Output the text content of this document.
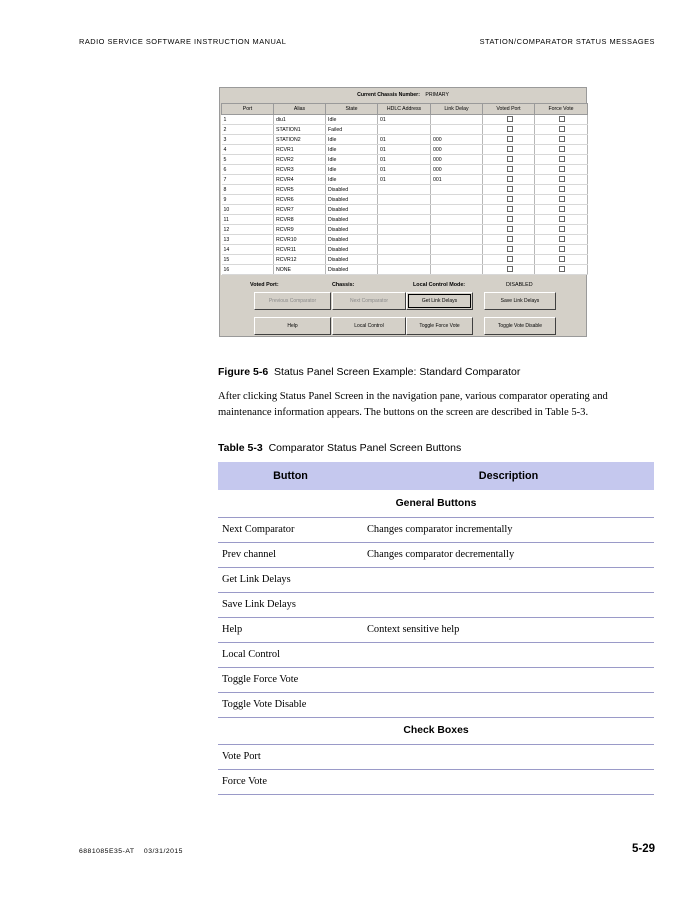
RADIO SERVICE SOFTWARE INSTRUCTION MANUAL	STATION/COMPARATOR STATUS MESSAGES
Current Chassis Number: PRIMARY
Port	Alias	State	HDLC Address	Link Delay	Voted Port	Force Vote
1	diu1	Idle	01			
2	STATION1	Failed				
3	STATION2	Idle	01	000		
4	RCVR1	Idle	01	000		
5	RCVR2	Idle	01	000		
6	RCVR3	Idle	01	000		
7	RCVR4	Idle	01	001		
8	RCVR5	Disabled				
9	RCVR6	Disabled				
10	RCVR7	Disabled				
11	RCVR8	Disabled				
12	RCVR9	Disabled				
13	RCVR10	Disabled				
14	RCVR11	Disabled				
15	RCVR12	Disabled				
16	NONE	Disabled				
Voted Port:	Chassis:	Local Control Mode:	DISABLED
Previous Comparator	Next Comparator	Get Link Delays	Save Link Delays
Help	Local Control	Toggle Force Vote	Toggle Vote Disable
Figure 5-6 Status Panel Screen Example: Standard Comparator
After clicking Status Panel Screen in the navigation pane, various comparator operating and maintenance information appears. The buttons on the screen are described in Table 5-3.
Table 5-3 Comparator Status Panel Screen Buttons
Button	Description
General Buttons	
Next Comparator	Changes comparator incrementally
Prev channel	Changes comparator decrementally
Get Link Delays	
Save Link Delays	
Help	Context sensitive help
Local Control	
Toggle Force Vote	
Toggle Vote Disable	
Check Boxes	
Vote Port	
Force Vote	
6881085E35-AT    03/31/2015	5-29
